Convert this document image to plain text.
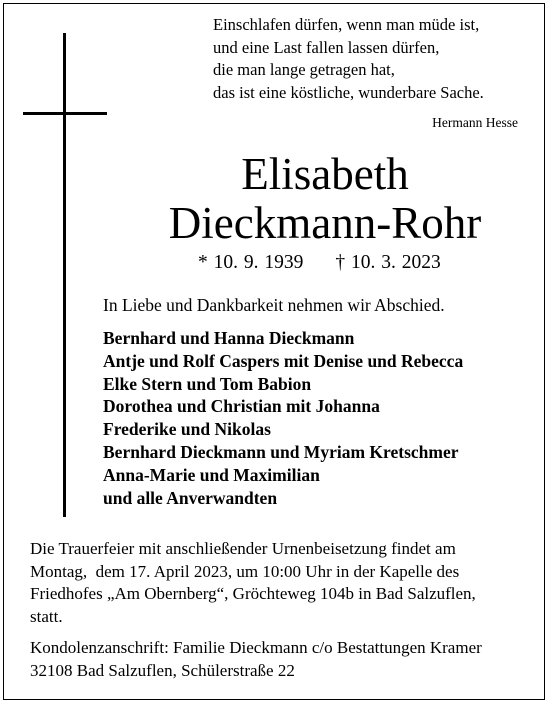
Einschlafen dürfen, wenn man müde ist,
und eine Last fallen lassen dürfen,
die man lange getragen hat,
das ist eine köstliche, wunderbare Sache.
Hermann Hesse
Elisabeth
Dieckmann-Rohr
* 10. 9. 1939 † 10. 3. 2023
In Liebe und Dankbarkeit nehmen wir Abschied.
Bernhard und Hanna Dieckmann
Antje und Rolf Caspers mit Denise und Rebecca
Elke Stern und Tom Babion
Dorothea und Christian mit Johanna
Frederike und Nikolas
Bernhard Dieckmann und Myriam Kretschmer
Anna-Marie und Maximilian
und alle Anverwandten
Die Trauerfeier mit anschließender Urnenbeisetzung findet am
Montag,  dem 17. April 2023, um 10:00 Uhr in der Kapelle des
Friedhofes „Am Obernberg“, Gröchteweg 104b in Bad Salzuflen,
statt.
Kondolenzanschrift: Familie Dieckmann c/o Bestattungen Kramer
32108 Bad Salzuflen, Schülerstraße 22
